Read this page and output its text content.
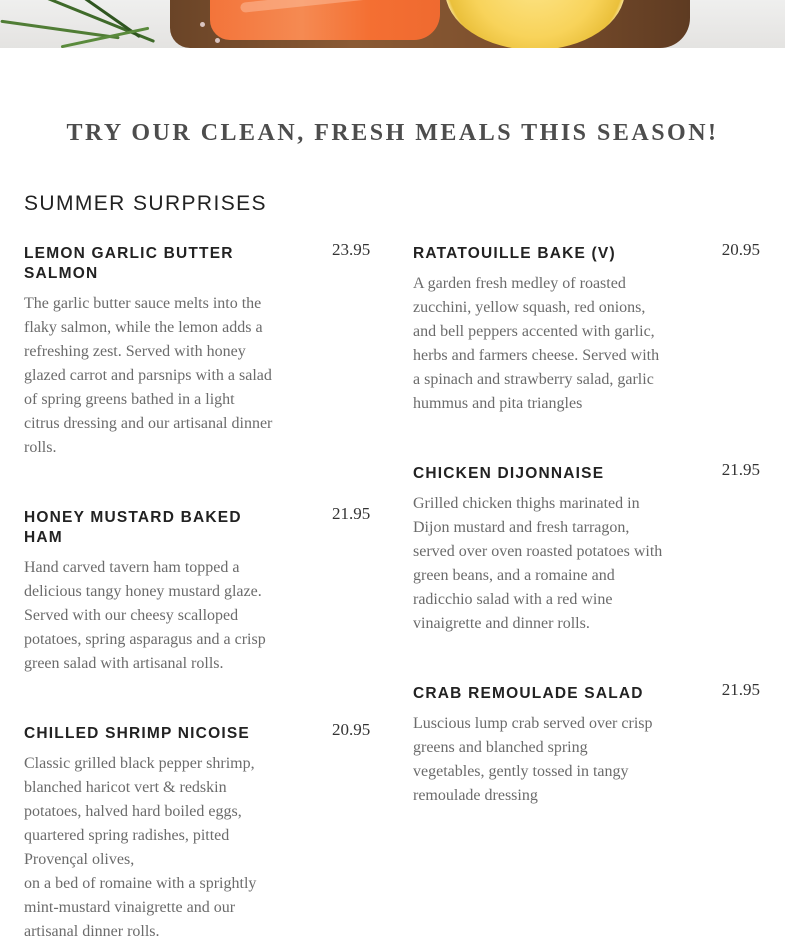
TRY OUR CLEAN, FRESH MEALS THIS SEASON!
SUMMER SURPRISES
LEMON GARLIC BUTTER SALMON
23.95

The garlic butter sauce melts into the flaky salmon, while the lemon adds a refreshing zest. Served with honey glazed carrot and parsnips with a salad of spring greens bathed in a light citrus dressing and our artisanal dinner rolls.

HONEY MUSTARD BAKED HAM
21.95

Hand carved tavern ham topped a delicious tangy honey mustard glaze. Served with our cheesy scalloped potatoes, spring asparagus and a crisp green salad with artisanal rolls.

CHILLED SHRIMP NICOISE	20.95

Classic grilled black pepper shrimp, blanched haricot vert & redskin potatoes, halved hard boiled eggs, quartered spring radishes, pitted Provençal olives,
on a bed of romaine with a sprightly mint-mustard vinaigrette and our artisanal dinner rolls.

RATATOUILLE BAKE (V)	20.95

A garden fresh medley of roasted zucchini, yellow squash, red onions, and bell peppers accented with garlic, herbs and farmers cheese. Served with a spinach and strawberry salad, garlic hummus and pita triangles

CHICKEN DIJONNAISE	21.95

Grilled chicken thighs marinated in Dijon mustard and fresh tarragon, served over oven roasted potatoes with green beans, and a romaine and radicchio salad with a red wine vinaigrette and dinner rolls.

CRAB REMOULADE SALAD	21.95

Luscious lump crab served over crisp greens and blanched spring vegetables, gently tossed in tangy remoulade dressing
